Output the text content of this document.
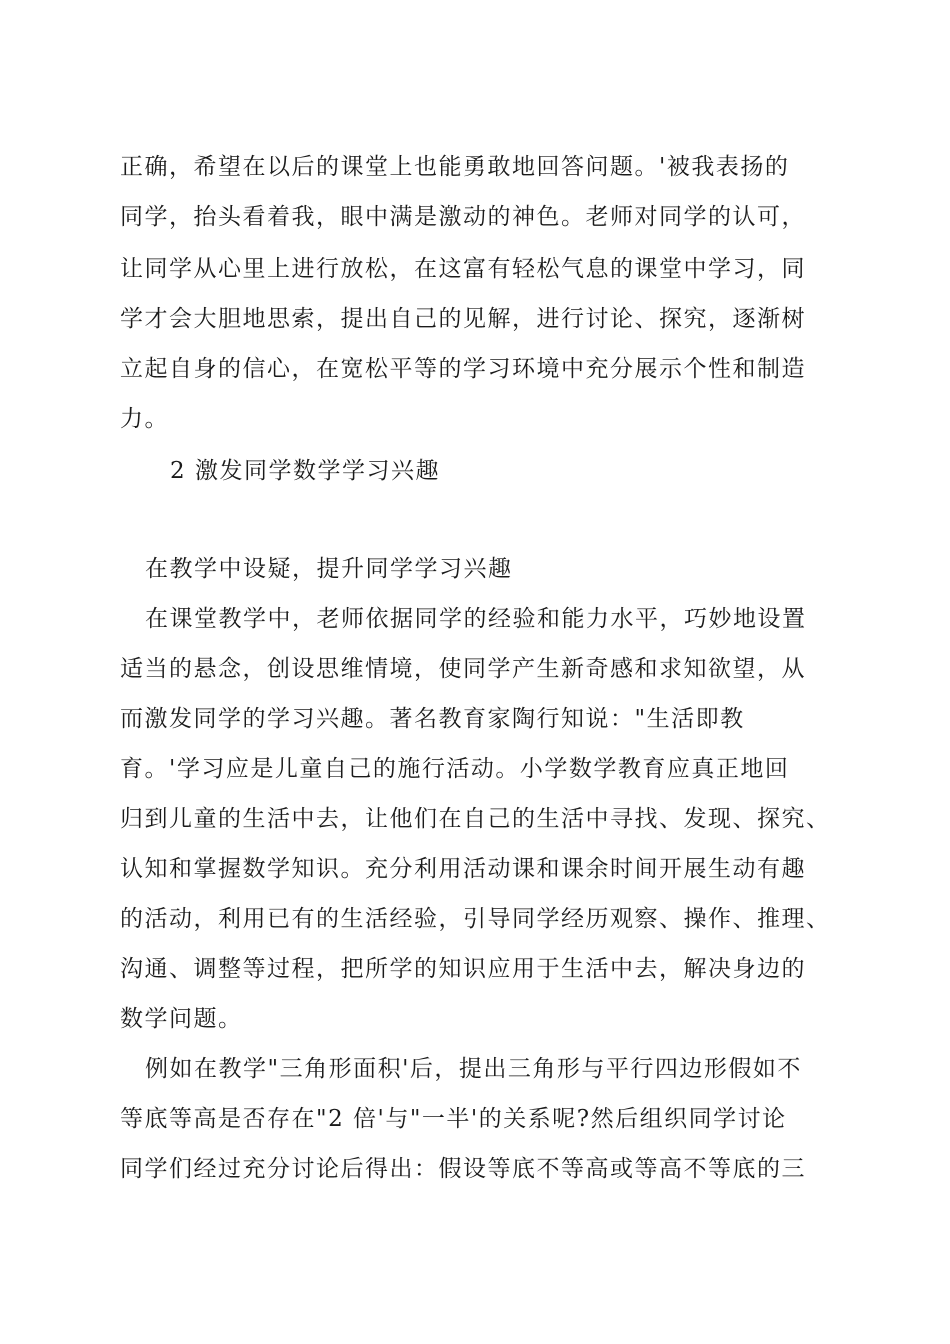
正确，希望在以后的课堂上也能勇敢地回答问题。'被我表扬的
同学，抬头看着我，眼中满是激动的神色。老师对同学的认可，
让同学从心里上进行放松，在这富有轻松气息的课堂中学习，同
学才会大胆地思索，提出自己的见解，进行讨论、探究，逐渐树
立起自身的信心，在宽松平等的学习环境中充分展示个性和制造
力。
2 激发同学数学学习兴趣
在教学中设疑，提升同学学习兴趣
在课堂教学中，老师依据同学的经验和能力水平，巧妙地设置
适当的悬念，创设思维情境，使同学产生新奇感和求知欲望，从
而激发同学的学习兴趣。著名教育家陶行知说："生活即教
育。'学习应是儿童自己的施行活动。小学数学教育应真正地回
归到儿童的生活中去，让他们在自己的生活中寻找、发现、探究、
认知和掌握数学知识。充分利用活动课和课余时间开展生动有趣
的活动，利用已有的生活经验，引导同学经历观察、操作、推理、
沟通、调整等过程，把所学的知识应用于生活中去，解决身边的
数学问题。
例如在教学"三角形面积'后，提出三角形与平行四边形假如不
等底等高是否存在"2 倍'与"一半'的关系呢?然后组织同学讨论
同学们经过充分讨论后得出：假设等底不等高或等高不等底的三
